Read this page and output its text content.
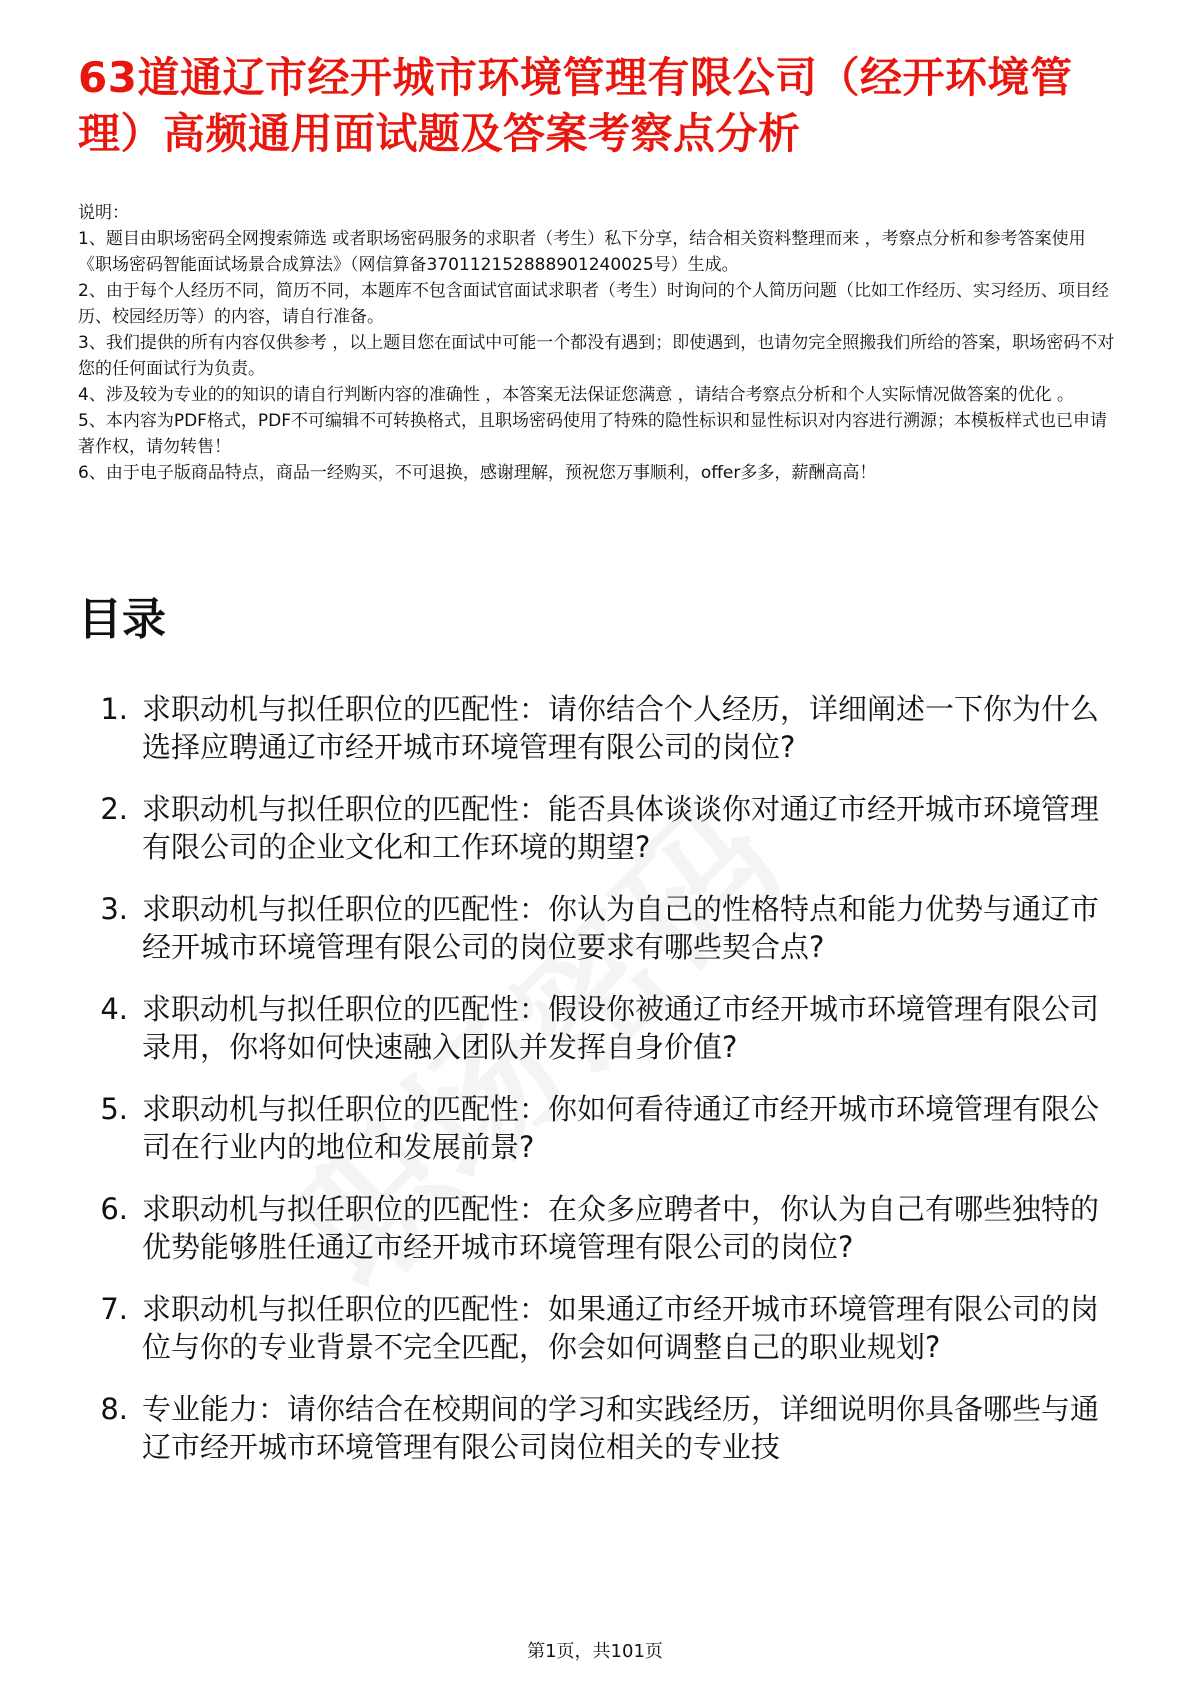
63道通辽市经开城市环境管理有限公司（经开环境管理）高频通用面试题及答案考察点分析

说明：

1、题目由职场密码全网搜索筛选 或者职场密码服务的求职者（考生）私下分享，结合相关资料整理而来 ，考察点分析和参考答案使用《职场密码智能面试场景合成算法》（网信算备370112152888901240025号）生成。

2、由于每个人经历不同，简历不同，本题库不包含面试官面试求职者（考生）时询问的个人简历问题（比如工作经历、实习经历、项目经历、校园经历等）的内容，请自行准备。

3、我们提供的所有内容仅供参考 ，以上题目您在面试中可能一个都没有遇到；即使遇到，也请勿完全照搬我们所给的答案，职场密码不对您的任何面试行为负责。

4、涉及较为专业的的知识的请自行判断内容的准确性 ，本答案无法保证您满意 ，请结合考察点分析和个人实际情况做答案的优化 。

5、本内容为PDF格式，PDF不可编辑不可转换格式，且职场密码使用了特殊的隐性标识和显性标识对内容进行溯源；本模板样式也已申请著作权，请勿转售！

6、由于电子版商品特点，商品一经购买，不可退换，感谢理解，预祝您万事顺利，offer多多，薪酬高高！

目录
1. 求职动机与拟任职位的匹配性：请你结合个人经历，详细阐述一下你为什么选择应聘通辽市经开城市环境管理有限公司的岗位?
2. 求职动机与拟任职位的匹配性：能否具体谈谈你对通辽市经开城市环境管理有限公司的企业文化和工作环境的期望?
3. 求职动机与拟任职位的匹配性：你认为自己的性格特点和能力优势与通辽市经开城市环境管理有限公司的岗位要求有哪些契合点?
4. 求职动机与拟任职位的匹配性：假设你被通辽市经开城市环境管理有限公司录用，你将如何快速融入团队并发挥自身价值?
5. 求职动机与拟任职位的匹配性：你如何看待通辽市经开城市环境管理有限公司在行业内的地位和发展前景?
6. 求职动机与拟任职位的匹配性：在众多应聘者中，你认为自己有哪些独特的优势能够胜任通辽市经开城市环境管理有限公司的岗位?
7. 求职动机与拟任职位的匹配性：如果通辽市经开城市环境管理有限公司的岗位与你的专业背景不完全匹配，你会如何调整自己的职业规划?
8. 专业能力：请你结合在校期间的学习和实践经历，详细说明你具备哪些与通辽市经开城市环境管理有限公司岗位相关的专业技
第1页，共101页
